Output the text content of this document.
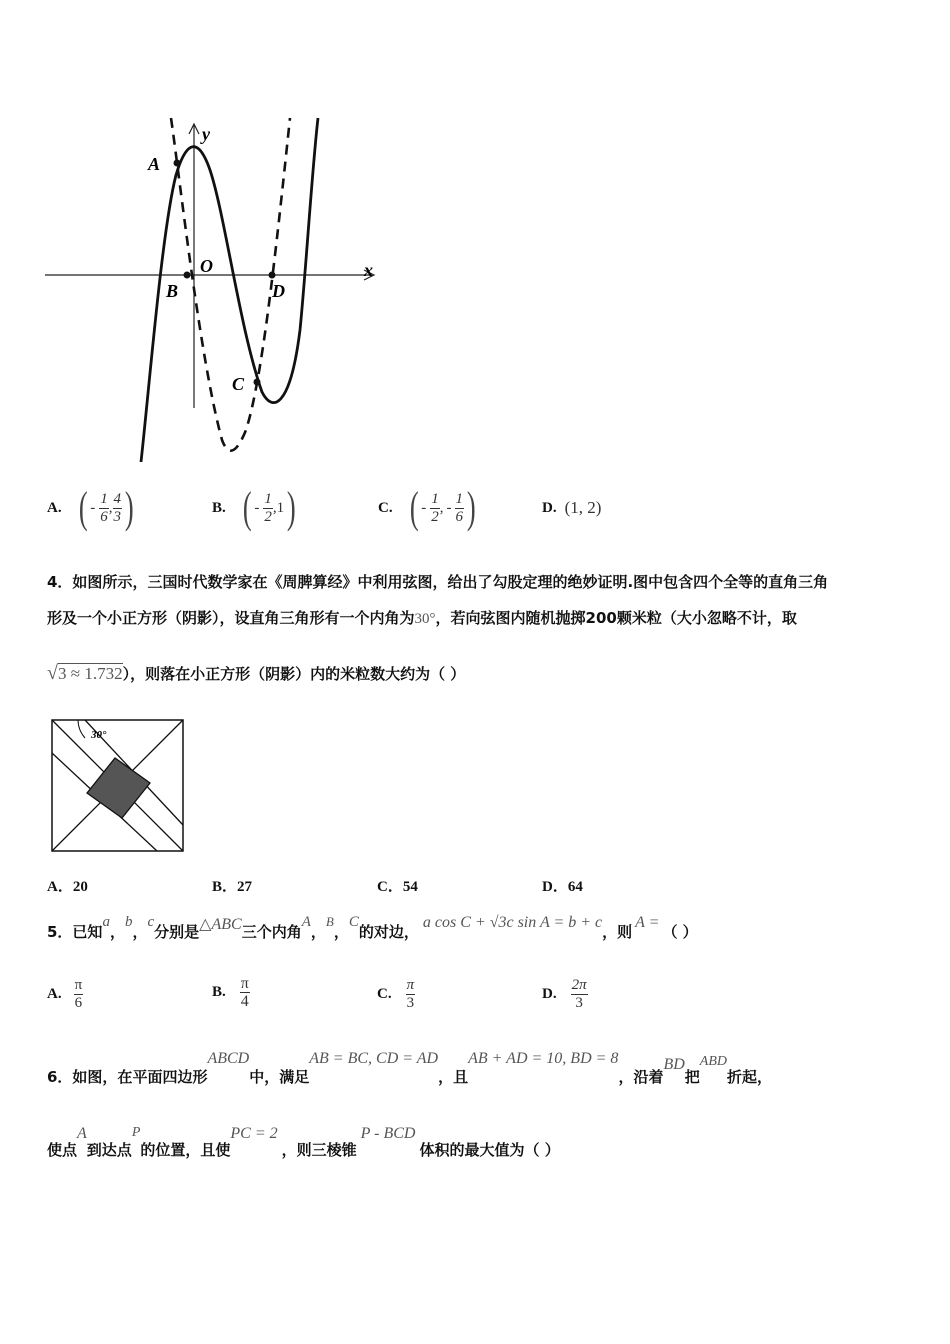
y
x
O
A
B	D
C
A. ( - $\frac{1}{6}$ , $\frac{4}{3}$ )	B. ( - $\frac{1}{2}$ , 1 )	C. ( - $\frac{1}{2}$ , - $\frac{1}{6}$ )	D. (1, 2)
4．如图所示，三国时代数学家在《周脾算经》中利用弦图，给出了勾股定理的绝妙证明.图中包含四个全等的直角三角
形及一个小正方形（阴影），设直角三角形有一个内角为30°，若向弦图内随机抛掷200颗米粒（大小忽略不计，取
√ 3 ≈ 1.732 ），则落在小正方形（阴影）内的米粒数大约为（ ）
30°
A．20	B．27	C．54	D．64
5．已知
a
，
b
，
c
分别是 △ABC 三个内角
A
，
B
，
C
的对边，
a cos C + √3c sin A = b + c
，则
A =
（ ）
A. $\frac{\pi}{6}$	B. $\frac{\pi}{4}$	C. $\frac{\pi}{3}$	D. $\frac{2\pi}{3}$
6．如图，在平面四边形
ABCD
中，满足
AB = BC, CD = AD
，且
AB + AD = 10, BD = 8
，沿着
BD
把
ABD
折起，
使点
A
到达点
P
的位置，且使
PC = 2
，则三棱锥
P - BCD
体积的最大值为（ ）
